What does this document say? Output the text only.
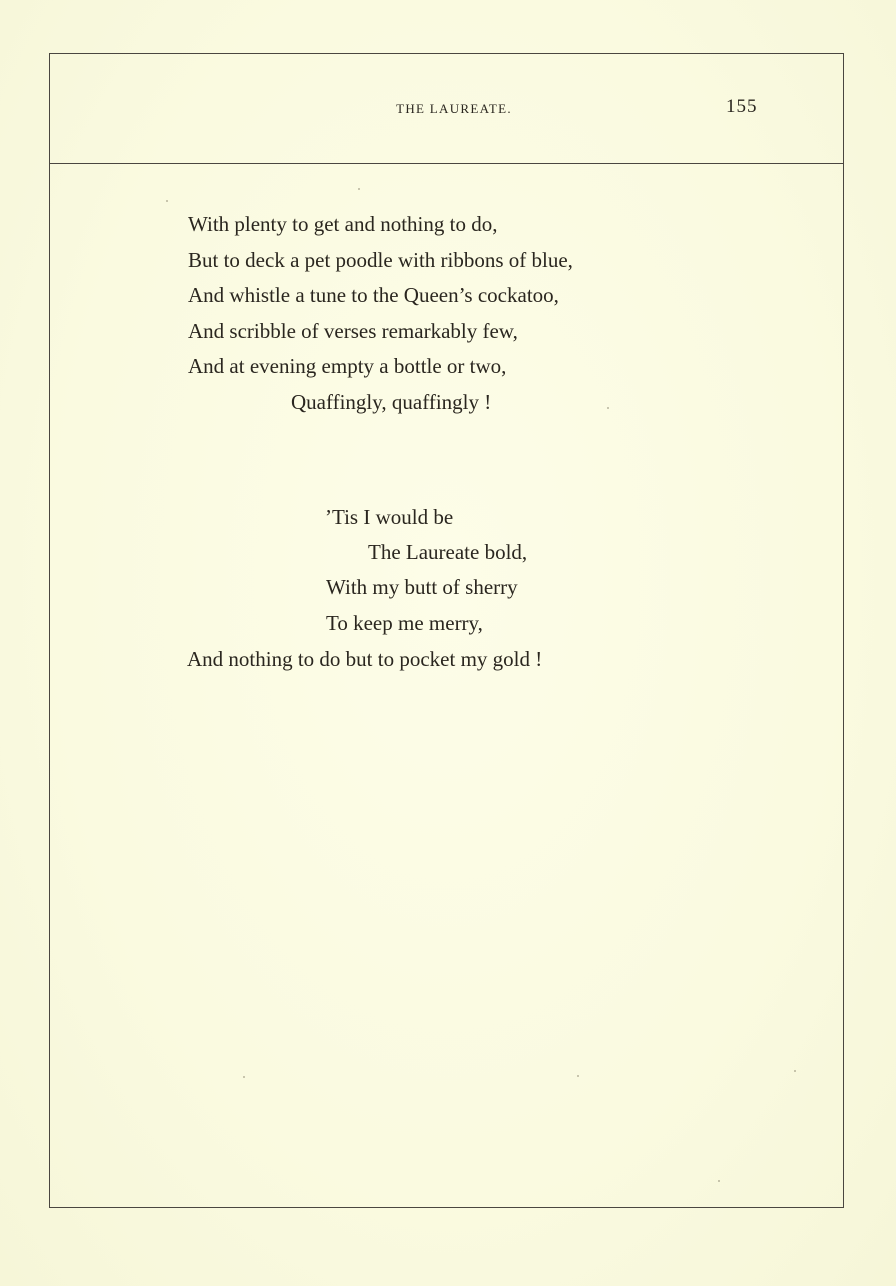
THE LAUREATE.	155
With plenty to get and nothing to do,
But to deck a pet poodle with ribbons of blue,
And whistle a tune to the Queen’s cockatoo,
And scribble of verses remarkably few,
And at evening empty a bottle or two,
Quaffingly, quaffingly !
’Tis I would be
The Laureate bold,
With my butt of sherry
To keep me merry,
And nothing to do but to pocket my gold !
